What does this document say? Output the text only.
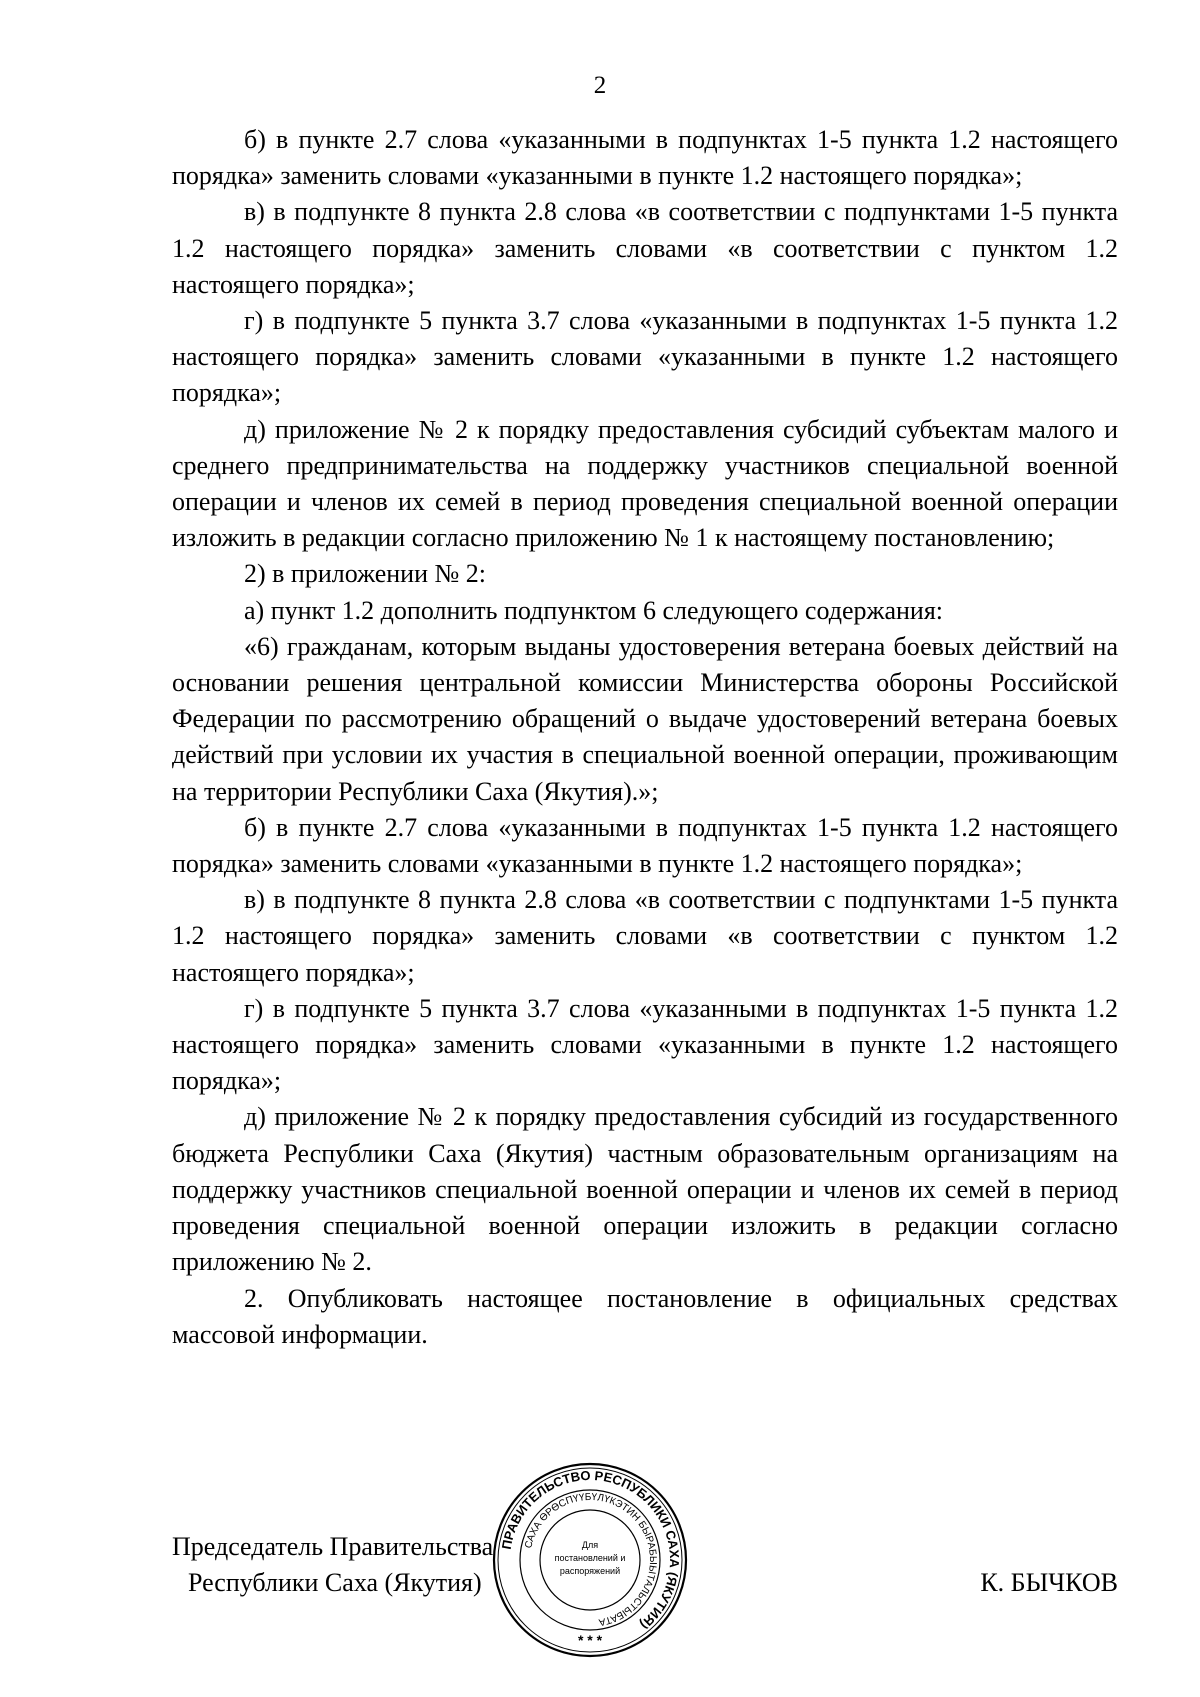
2

б) в пункте 2.7 слова «указанными в подпунктах 1-5 пункта 1.2 настоящего порядка» заменить словами «указанными в пункте 1.2 настоящего порядка»;

в) в подпункте 8 пункта 2.8 слова «в соответствии с подпунктами 1-5 пункта 1.2 настоящего порядка» заменить словами «в соответствии с пунктом 1.2 настоящего порядка»;

г) в подпункте 5 пункта 3.7 слова «указанными в подпунктах 1-5 пункта 1.2 настоящего порядка» заменить словами «указанными в пункте 1.2 настоящего порядка»;

д) приложение № 2 к порядку предоставления субсидий субъектам малого и среднего предпринимательства на поддержку участников специальной военной операции и членов их семей в период проведения специальной военной операции изложить в редакции согласно приложению № 1 к настоящему постановлению;

2) в приложении № 2:

а) пункт 1.2 дополнить подпунктом 6 следующего содержания:

«6) гражданам, которым выданы удостоверения ветерана боевых действий на основании решения центральной комиссии Министерства обороны Российской Федерации по рассмотрению обращений о выдаче удостоверений ветерана боевых действий при условии их участия в специальной военной операции, проживающим на территории Республики Саха (Якутия).»;

б) в пункте 2.7 слова «указанными в подпунктах 1-5 пункта 1.2 настоящего порядка» заменить словами «указанными в пункте 1.2 настоящего порядка»;

в) в подпункте 8 пункта 2.8 слова «в соответствии с подпунктами 1-5 пункта 1.2 настоящего порядка» заменить словами «в соответствии с пунктом 1.2 настоящего порядка»;

г) в подпункте 5 пункта 3.7 слова «указанными в подпунктах 1-5 пункта 1.2 настоящего порядка» заменить словами «указанными в пункте 1.2 настоящего порядка»;

д) приложение № 2 к порядку предоставления субсидий из государственного бюджета Республики Саха (Якутия) частным образовательным организациям на поддержку участников специальной военной операции и членов их семей в период проведения специальной военной операции изложить в редакции согласно приложению № 2.

2. Опубликовать настоящее постановление в официальных средствах массовой информации.

Председатель Правительства
Республики Саха (Якутия)	К. БЫЧКОВ
ПРАВИТЕЛЬСТВО РЕСПУБЛИКИ САХА (ЯКУТИЯ)
САХА ӨРӨСПҮҮБҮЛҮКЭТИН БЫРАБЫЫТАЛЬСТЫБАТА
Для
постановлений и
распоряжений
* * *
